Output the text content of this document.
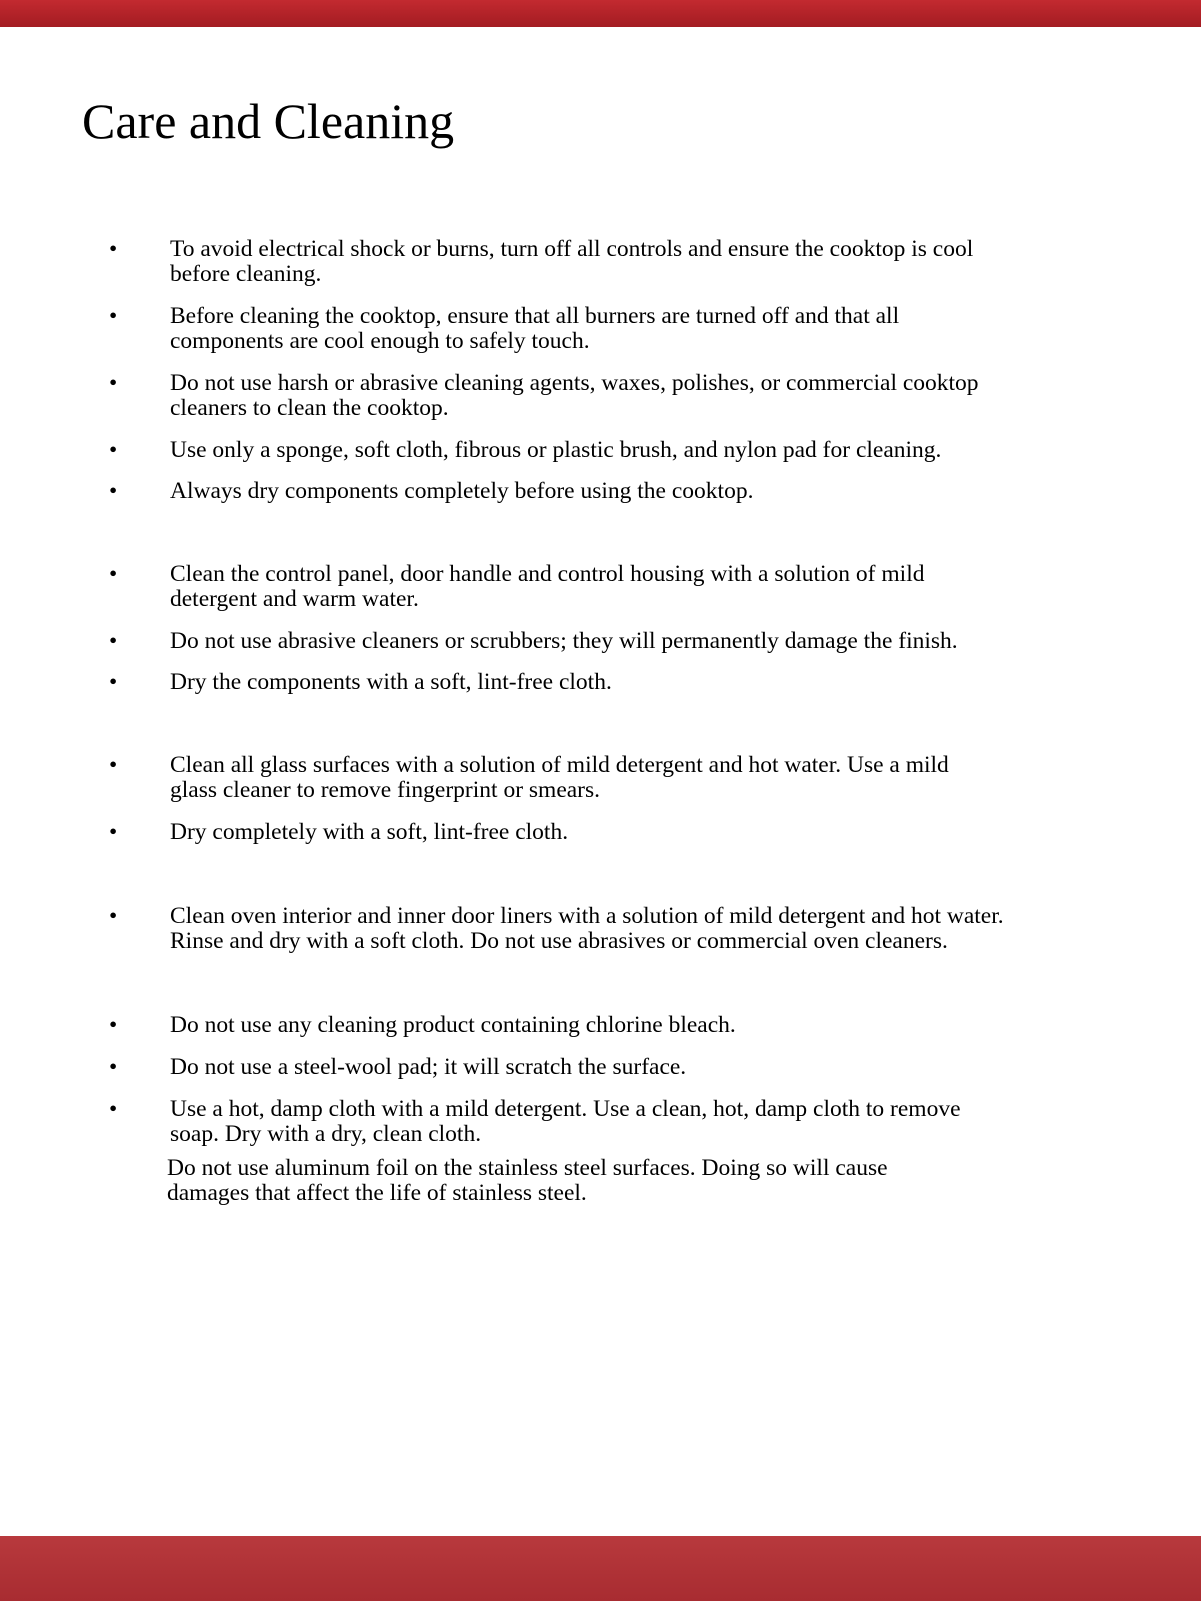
Care and Cleaning
• To avoid electrical shock or burns, turn off all controls and ensure the cooktop is cool
before cleaning.
• Before cleaning the cooktop, ensure that all burners are turned off and that all
components are cool enough to safely touch.
• Do not use harsh or abrasive cleaning agents, waxes, polishes, or commercial cooktop
cleaners to clean the cooktop.
• Use only a sponge, soft cloth, fibrous or plastic brush, and nylon pad for cleaning.
• Always dry components completely before using the cooktop.
• Clean the control panel, door handle and control housing with a solution of mild
detergent and warm water.
• Do not use abrasive cleaners or scrubbers; they will permanently damage the finish.
• Dry the components with a soft, lint-free cloth.
• Clean all glass surfaces with a solution of mild detergent and hot water. Use a mild
glass cleaner to remove fingerprint or smears.
• Dry completely with a soft, lint-free cloth.
• Clean oven interior and inner door liners with a solution of mild detergent and hot water.
Rinse and dry with a soft cloth. Do not use abrasives or commercial oven cleaners.
• Do not use any cleaning product containing chlorine bleach.
• Do not use a steel-wool pad; it will scratch the surface.
• Use a hot, damp cloth with a mild detergent. Use a clean, hot, damp cloth to remove
soap. Dry with a dry, clean cloth.
Do not use aluminum foil on the stainless steel surfaces. Doing so will cause
damages that affect the life of stainless steel.
